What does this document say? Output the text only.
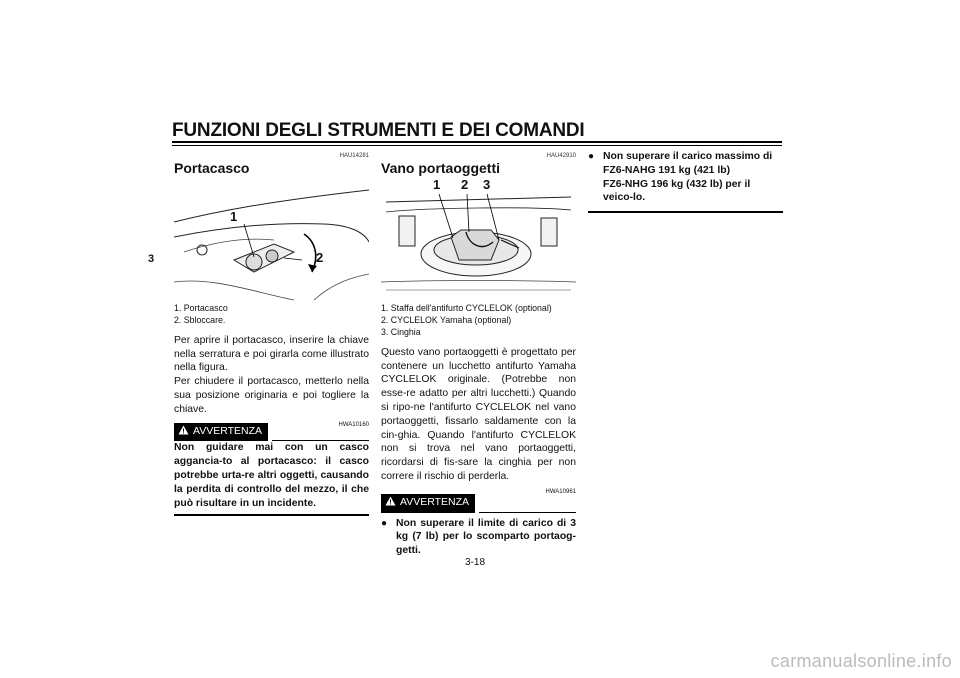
FUNZIONI DEGLI STRUMENTI E DEI COMANDI
3
HAU14281
Portacasco
1
2
1. Portacasco
2. Sbloccare.

Per aprire il portacasco, inserire la chiave nella serratura e poi girarla come illustrato nella figura.

Per chiudere il portacasco, metterlo nella sua posizione originaria e poi togliere la chiave.

AVVERTENZA	HWA10160

Non guidare mai con un casco aggancia-to al portacasco: il casco potrebbe urta-re altri oggetti, causando la perdita di controllo del mezzo, il che può risultare in un incidente.

HAU42910
Vano portaoggetti
1 2 3
1. Staffa dell'antifurto CYCLELOK (optional)
2. CYCLELOK Yamaha (optional)
3. Cinghia

Questo vano portaoggetti è progettato per contenere un lucchetto antifurto Yamaha CYCLELOK originale. (Potrebbe non esse-re adatto per altri lucchetti.) Quando si ripo-ne l'antifurto CYCLELOK nel vano portaoggetti, fissarlo saldamente con la cin-ghia. Quando l'antifurto CYCLELOK non si trova nel vano portaoggetti, ricordarsi di fis-sare la cinghia per non correre il rischio di perderla.

HWA10961
AVVERTENZA
● Non superare il limite di carico di 3 kg (7 lb) per lo scomparto portaog-getti.
● Non superare il carico massimo di
FZ6-NAHG 191 kg (421 lb)
FZ6-NHG 196 kg (432 lb) per il veico-lo.
3-18
carmanualsonline.info
